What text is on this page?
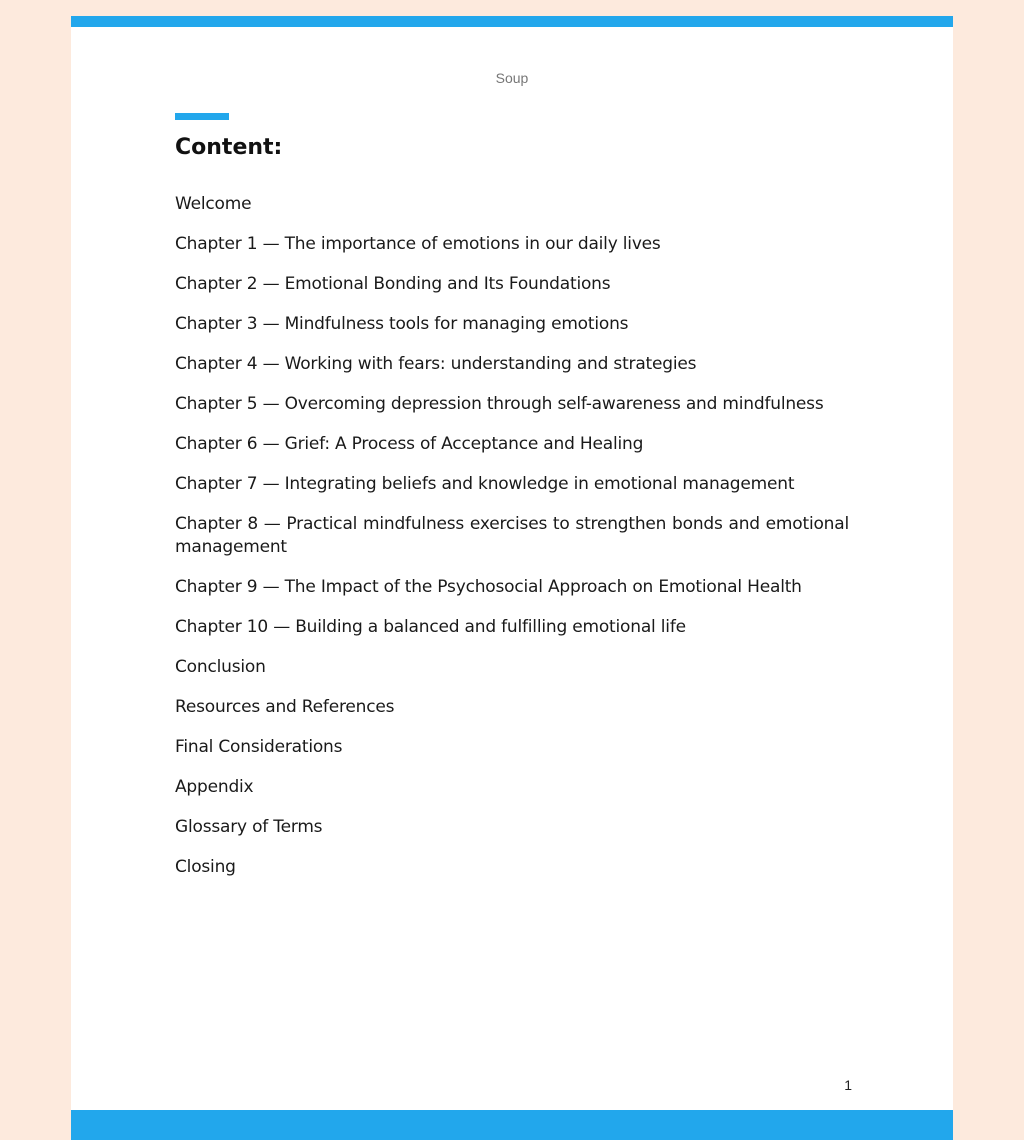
Soup
Content:
Welcome
Chapter 1 — The importance of emotions in our daily lives
Chapter 2 — Emotional Bonding and Its Foundations
Chapter 3 — Mindfulness tools for managing emotions
Chapter 4 — Working with fears: understanding and strategies
Chapter 5 — Overcoming depression through self-awareness and mindfulness
Chapter 6 — Grief: A Process of Acceptance and Healing
Chapter 7 — Integrating beliefs and knowledge in emotional management
Chapter 8 — Practical mindfulness exercises to strengthen bonds and emotional management
Chapter 9 — The Impact of the Psychosocial Approach on Emotional Health
Chapter 10 — Building a balanced and fulfilling emotional life
Conclusion
Resources and References
Final Considerations
Appendix
Glossary of Terms
Closing
1
